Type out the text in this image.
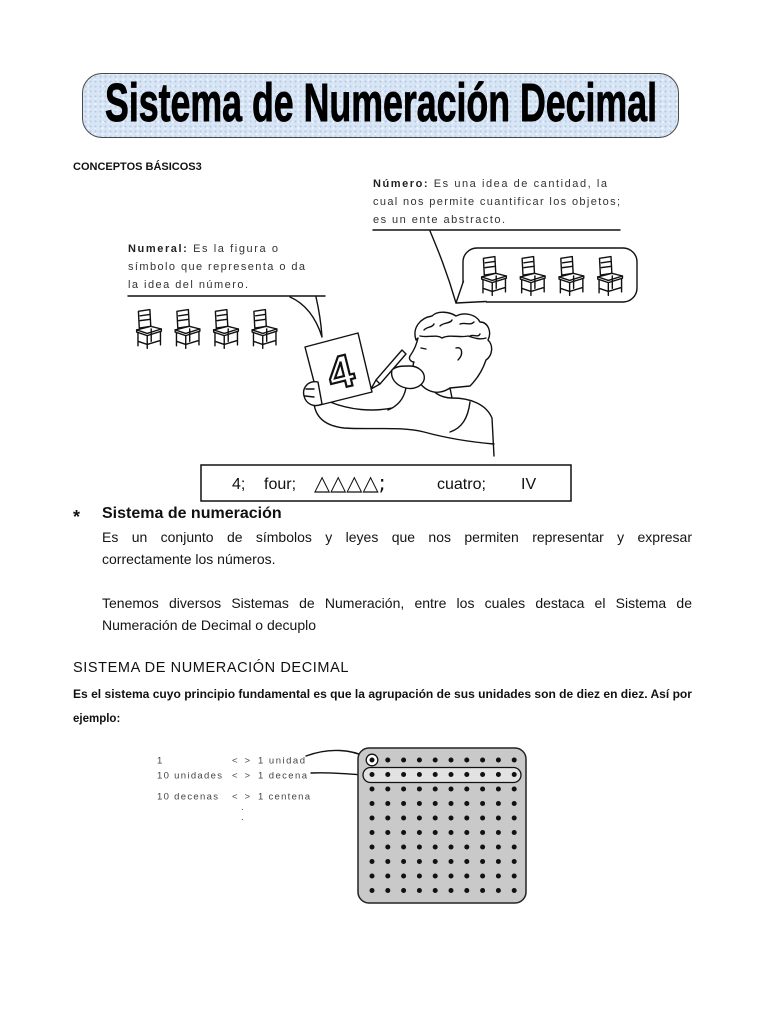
CONCEPTOS BÁSICOS3
* Sistema de numeración
Es un conjunto de símbolos y leyes que nos permiten representar y expresar
correctamente los números.
Tenemos diversos Sistemas de Numeración, entre los cuales destaca el Sistema de
Numeración de Decimal o decuplo
SISTEMA DE NUMERACIÓN DECIMAL
Sistema de Numeración Decimal
Número: Es una idea de cantidad, la
cual nos permite cuantificar los objetos;
es un ente abstracto.
Numeral: Es la figura o
símbolo que representa o da
la idea del número.
4
4; four; △△△△;	cuatro; IV
Es el sistema cuyo principio fundamental es que la agrupación de sus unidades son de diez en diez. Así por
ejemplo:
1	< > 1 unidad
10 unidades < > 1 decena
10 decenas < > 1 centena
.
.
